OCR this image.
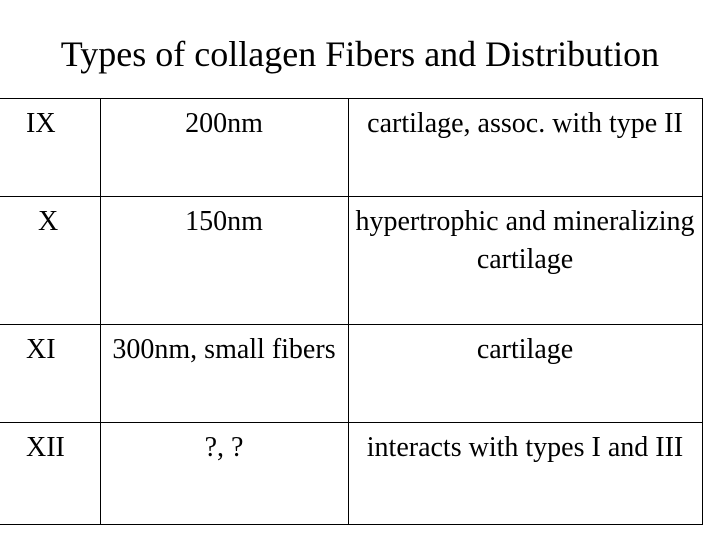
Types of collagen Fibers and Distribution
IX	200nm	cartilage, assoc. with type II
X	150nm	hypertrophic and mineralizing cartilage
XI	300nm, small fibers	cartilage
XII	?, ?	interacts with types I and III
